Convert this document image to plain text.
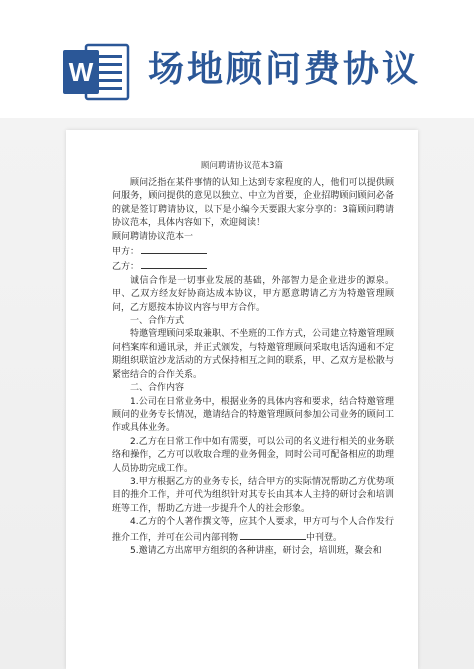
W 场地顾问费协议
顾问聘请协议范本3篇

顾问泛指在某件事情的认知上达到专家程度的人，他们可以提供顾问服务，顾问提供的意见以独立、中立为首要，企业招聘顾问顾问必备的就是签订聘请协议，以下是小编今天要跟大家分享的：3篇顾问聘请协议范本，具体内容如下，欢迎阅读！

顾问聘请协议范本一

甲方：

乙方：

诚信合作是一切事业发展的基础，外部智力是企业进步的源泉。甲、乙双方经友好协商达成本协议，甲方愿意聘请乙方为特邀管理顾问，乙方愿按本协议内容与甲方合作。

一、合作方式

特邀管理顾问采取兼职、不坐班的工作方式，公司建立特邀管理顾问档案库和通讯录，并正式颁发，与特邀管理顾问采取电话沟通和不定期组织联谊沙龙活动的方式保持相互之间的联系，甲、乙双方是松散与紧密结合的合作关系。

二、合作内容

1.公司在日常业务中，根据业务的具体内容和要求，结合特邀管理顾问的业务专长情况，邀请结合的特邀管理顾问参加公司业务的顾问工作或具体业务。

2.乙方在日常工作中如有需要，可以公司的名义进行相关的业务联络和操作，乙方可以收取合理的业务佣金，同时公司可配备相应的助理人员协助完成工作。

3.甲方根据乙方的业务专长，结合甲方的实际情况帮助乙方优势项目的推介工作，并可代为组织针对其专长由其本人主持的研讨会和培训班等工作，帮助乙方进一步提升个人的社会形象。

4.乙方的个人著作撰文等，应其个人要求，甲方可与个人合作发行推介工作，并可在公司内部刊物	中刊登。

5.邀请乙方出席甲方组织的各种讲座，研讨会，培训班，聚会和
